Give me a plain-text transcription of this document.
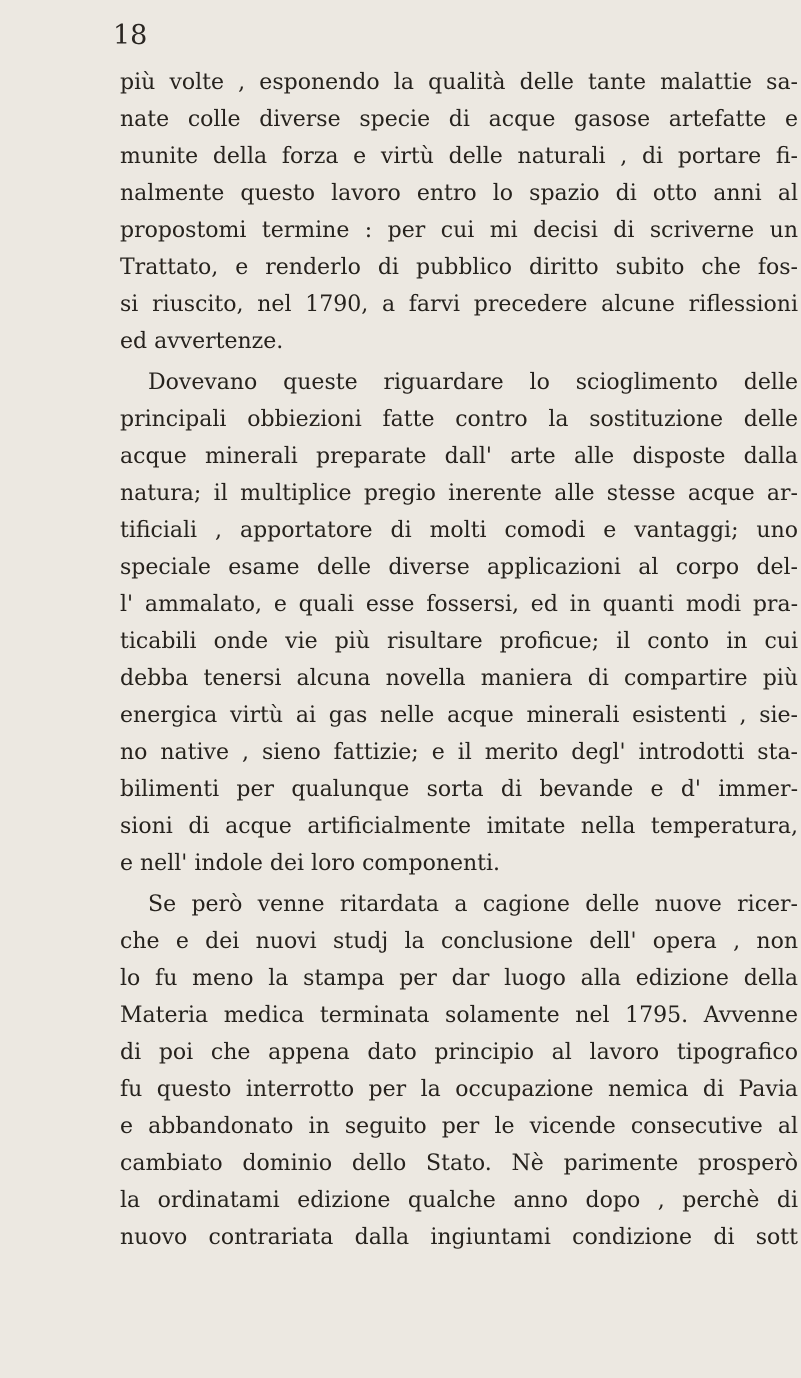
18
più volte , esponendo la qualità delle tante malattie sa-
nate colle diverse specie di acque gasose artefatte e
munite della forza e virtù delle naturali , di portare fi-
nalmente questo lavoro entro lo spazio di otto anni al
propostomi termine : per cui mi decisi di scriverne un
Trattato, e renderlo di pubblico diritto subito che fos-
si riuscito, nel 1790, a farvi precedere alcune riflessioni
ed avvertenze.
Dovevano queste riguardare lo scioglimento delle
principali obbiezioni fatte contro la sostituzione delle
acque minerali preparate dall' arte alle disposte dalla
natura; il multiplice pregio inerente alle stesse acque ar-
tificiali , apportatore di molti comodi e vantaggi; uno
speciale esame delle diverse applicazioni al corpo del-
l' ammalato, e quali esse fossersi, ed in quanti modi pra-
ticabili onde vie più risultare proficue; il conto in cui
debba tenersi alcuna novella maniera di compartire più
energica virtù ai gas nelle acque minerali esistenti , sie-
no native , sieno fattizie; e il merito degl' introdotti sta-
bilimenti per qualunque sorta di bevande e d' immer-
sioni di acque artificialmente imitate nella temperatura,
e nell' indole dei loro componenti.
Se però venne ritardata a cagione delle nuove ricer-
che e dei nuovi studj la conclusione dell' opera , non
lo fu meno la stampa per dar luogo alla edizione della
Materia medica terminata solamente nel 1795. Avvenne
di poi che appena dato principio al lavoro tipografico
fu questo interrotto per la occupazione nemica di Pavia
e abbandonato in seguito per le vicende consecutive al
cambiato dominio dello Stato. Nè parimente prosperò
la ordinatami edizione qualche anno dopo , perchè di
nuovo contrariata dalla ingiuntami condizione di sott
